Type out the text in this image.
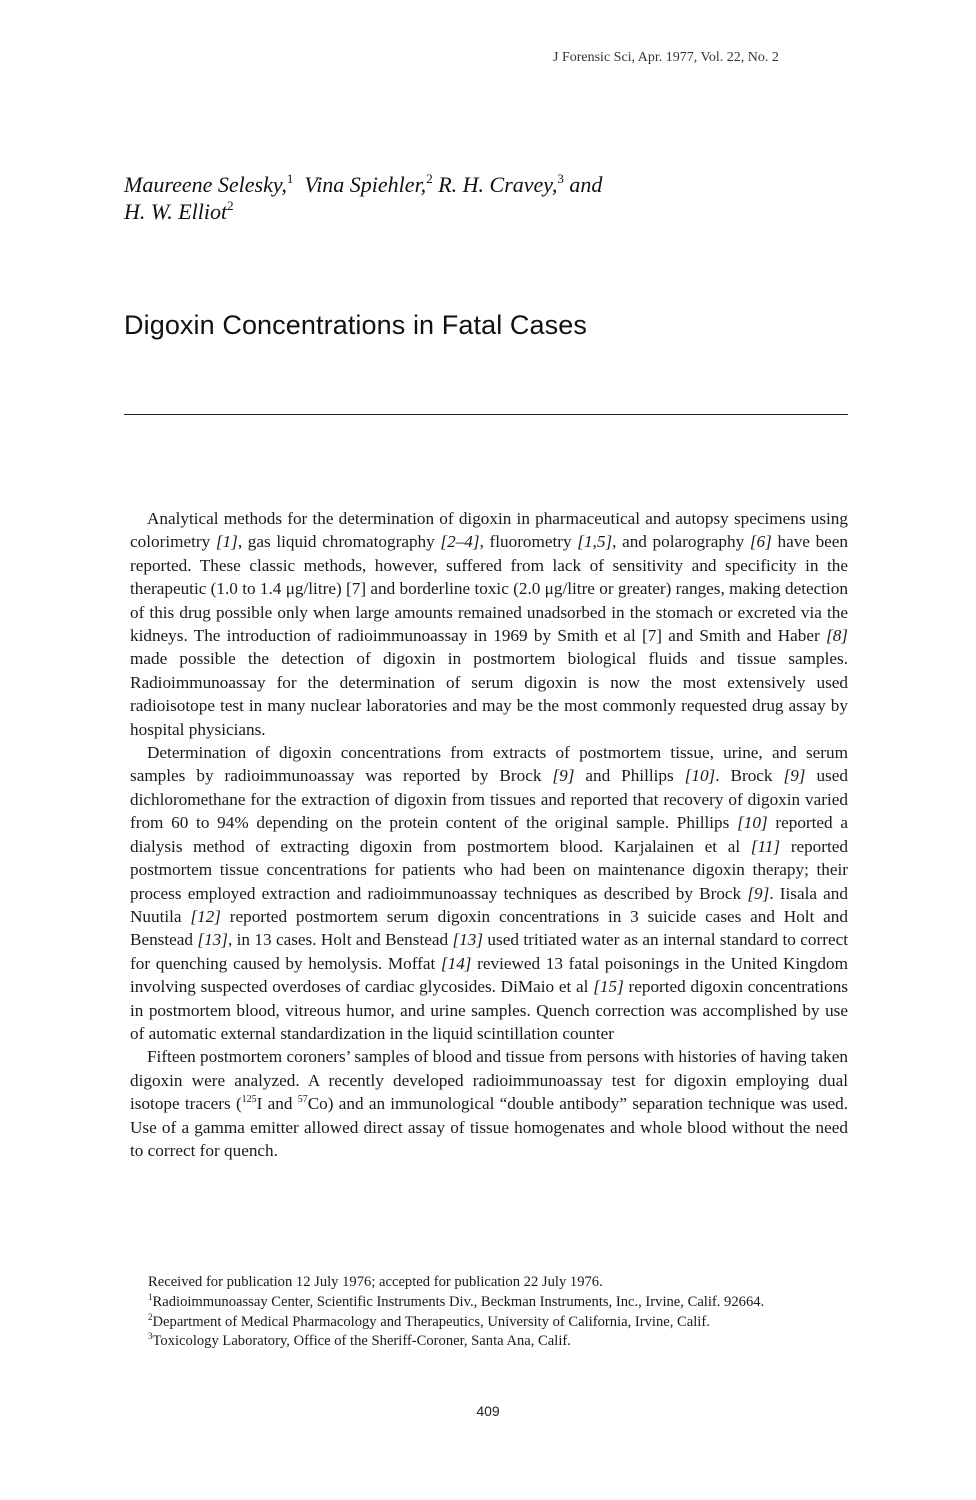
J Forensic Sci, Apr. 1977, Vol. 22, No. 2
Maureene Selesky,$^1$ Vina Spiehler,$^2$ R. H. Cravey,$^3$ and
H. W. Elliot$^2$
Digoxin Concentrations in Fatal Cases

Analytical methods for the determination of digoxin in pharmaceutical and autopsy specimens using colorimetry [1], gas liquid chromatography [2–4], fluorometry [1,5], and polarography [6] have been reported. These classic methods, however, suffered from lack of sensitivity and specificity in the therapeutic (1.0 to 1.4 μg/litre) [7] and borderline toxic (2.0 μg/litre or greater) ranges, making detection of this drug possible only when large amounts remained unadsorbed in the stomach or excreted via the kidneys. The introduction of radioimmunoassay in 1969 by Smith et al [7] and Smith and Haber [8] made possible the detection of digoxin in postmortem biological fluids and tissue samples. Radioimmunoassay for the determination of serum digoxin is now the most extensively used radioisotope test in many nuclear laboratories and may be the most commonly requested drug assay by hospital physicians.

Determination of digoxin concentrations from extracts of postmortem tissue, urine, and serum samples by radioimmunoassay was reported by Brock [9] and Phillips [10]. Brock [9] used dichloromethane for the extraction of digoxin from tissues and reported that recovery of digoxin varied from 60 to 94% depending on the protein content of the original sample. Phillips [10] reported a dialysis method of extracting digoxin from postmortem blood. Karjalainen et al [11] reported postmortem tissue concentrations for patients who had been on maintenance digoxin therapy; their process employed extraction and radioimmunoassay techniques as described by Brock [9]. Iisala and Nuutila [12] reported postmortem serum digoxin concentrations in 3 suicide cases and Holt and Benstead [13], in 13 cases. Holt and Benstead [13] used tritiated water as an internal standard to correct for quenching caused by hemolysis. Moffat [14] reviewed 13 fatal poisonings in the United Kingdom involving suspected overdoses of cardiac glycosides. DiMaio et al [15] reported digoxin concentrations in postmortem blood, vitreous humor, and urine samples. Quench correction was accomplished by use of automatic external standardization in the liquid scintillation counter

Fifteen postmortem coroners’ samples of blood and tissue from persons with histories of having taken digoxin were analyzed. A recently developed radioimmunoassay test for digoxin employing dual isotope tracers ($^{125}$I and $^{57}$Co) and an immunological “double antibody” separation technique was used. Use of a gamma emitter allowed direct assay of tissue homogenates and whole blood without the need to correct for quench.

Received for publication 12 July 1976; accepted for publication 22 July 1976.

$^1$Radioimmunoassay Center, Scientific Instruments Div., Beckman Instruments, Inc., Irvine, Calif. 92664.

$^2$Department of Medical Pharmacology and Therapeutics, University of California, Irvine, Calif.

$^3$Toxicology Laboratory, Office of the Sheriff-Coroner, Santa Ana, Calif.

409
